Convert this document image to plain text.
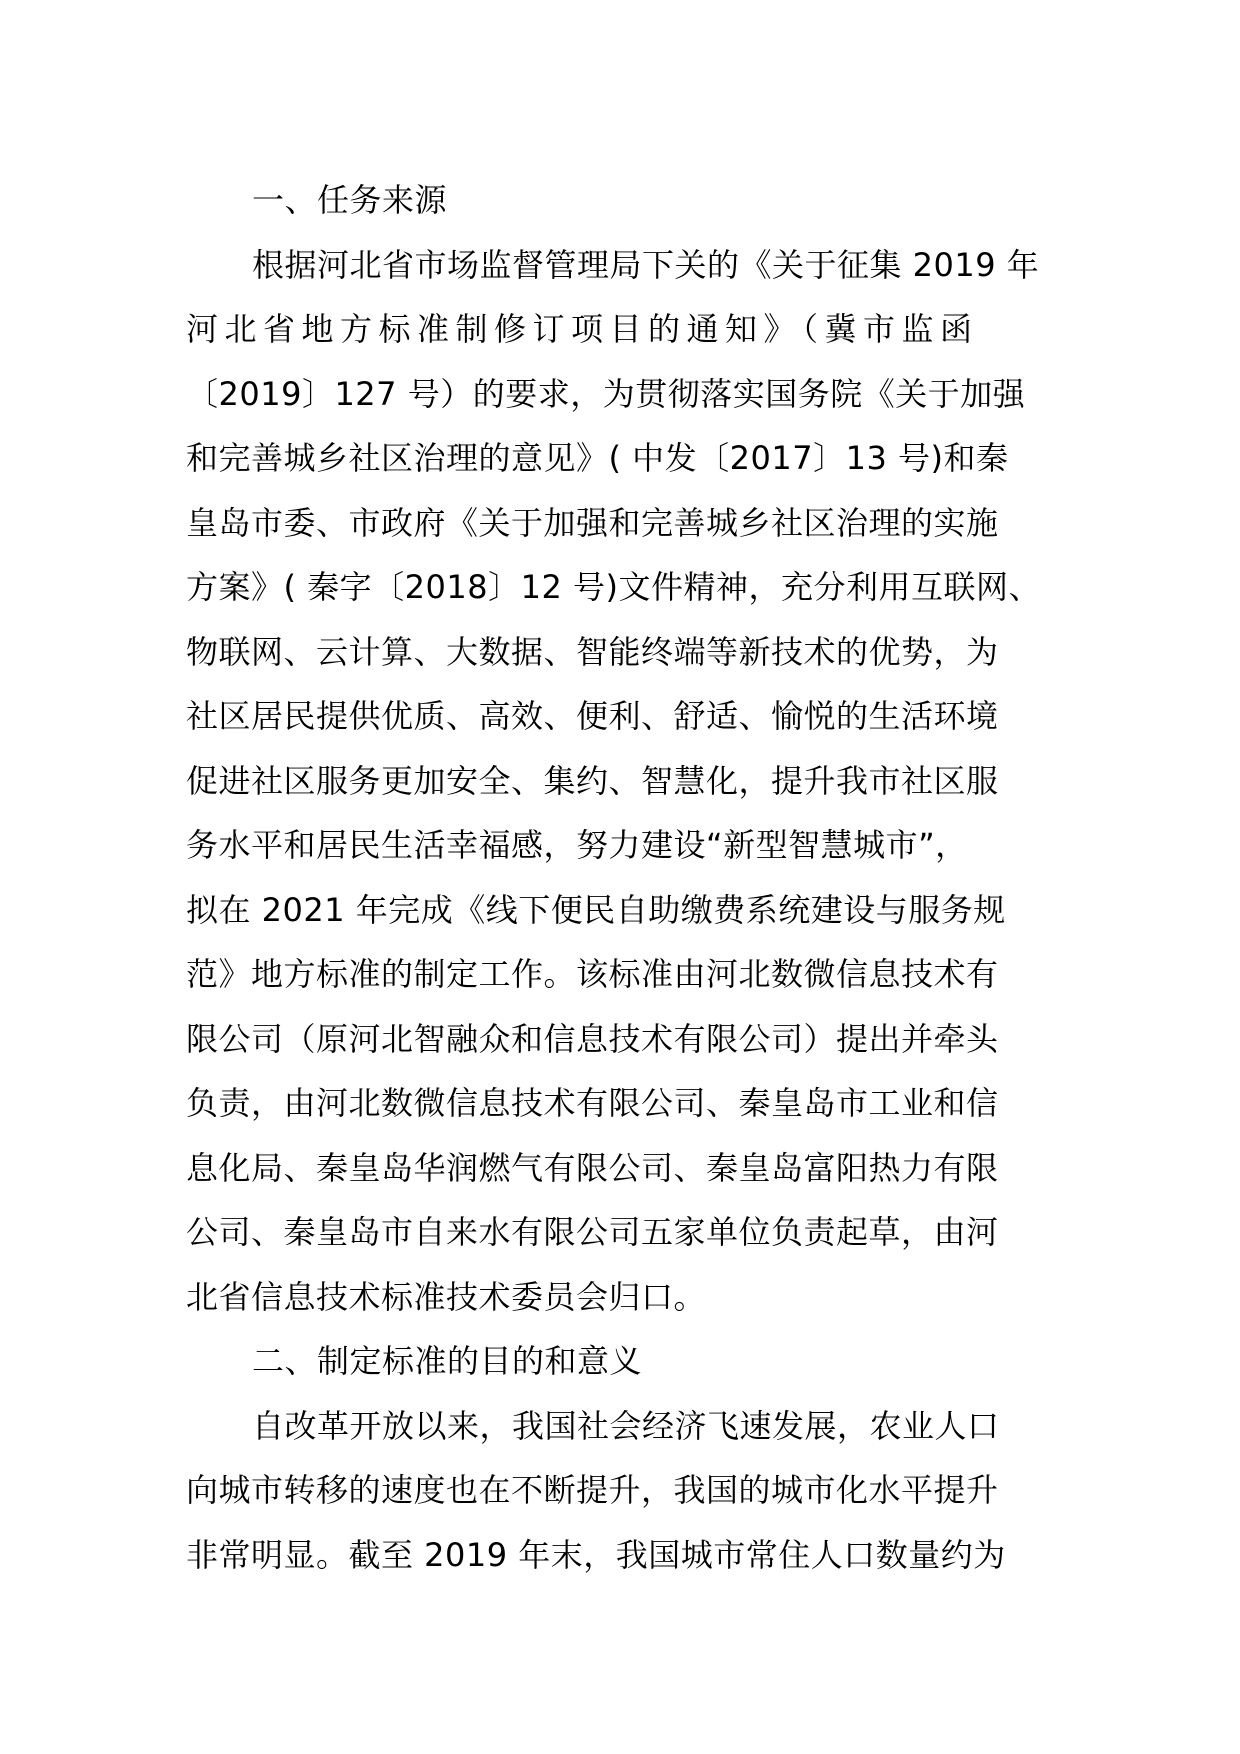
一、任务来源
根据河北省市场监督管理局下关的《关于征集 2019 年
河北省地方标准制修订项目的通知》（冀市监函
〔2019〕127 号）的要求，为贯彻落实国务院《关于加强
和完善城乡社区治理的意见》( 中发〔2017〕13 号)和秦
皇岛市委、市政府《关于加强和完善城乡社区治理的实施
方案》( 秦字〔2018〕12 号)文件精神，充分利用互联网、
物联网、云计算、大数据、智能终端等新技术的优势，为
社区居民提供优质、高效、便利、舒适、愉悦的生活环境
促进社区服务更加安全、集约、智慧化，提升我市社区服
务水平和居民生活幸福感，努力建设“新型智慧城市”，
拟在 2021 年完成《线下便民自助缴费系统建设与服务规
范》地方标准的制定工作。该标准由河北数微信息技术有
限公司（原河北智融众和信息技术有限公司）提出并牵头
负责，由河北数微信息技术有限公司、秦皇岛市工业和信
息化局、秦皇岛华润燃气有限公司、秦皇岛富阳热力有限
公司、秦皇岛市自来水有限公司五家单位负责起草，由河
北省信息技术标准技术委员会归口。
二、制定标准的目的和意义
自改革开放以来，我国社会经济飞速发展，农业人口
向城市转移的速度也在不断提升，我国的城市化水平提升
非常明显。截至 2019 年末，我国城市常住人口数量约为
